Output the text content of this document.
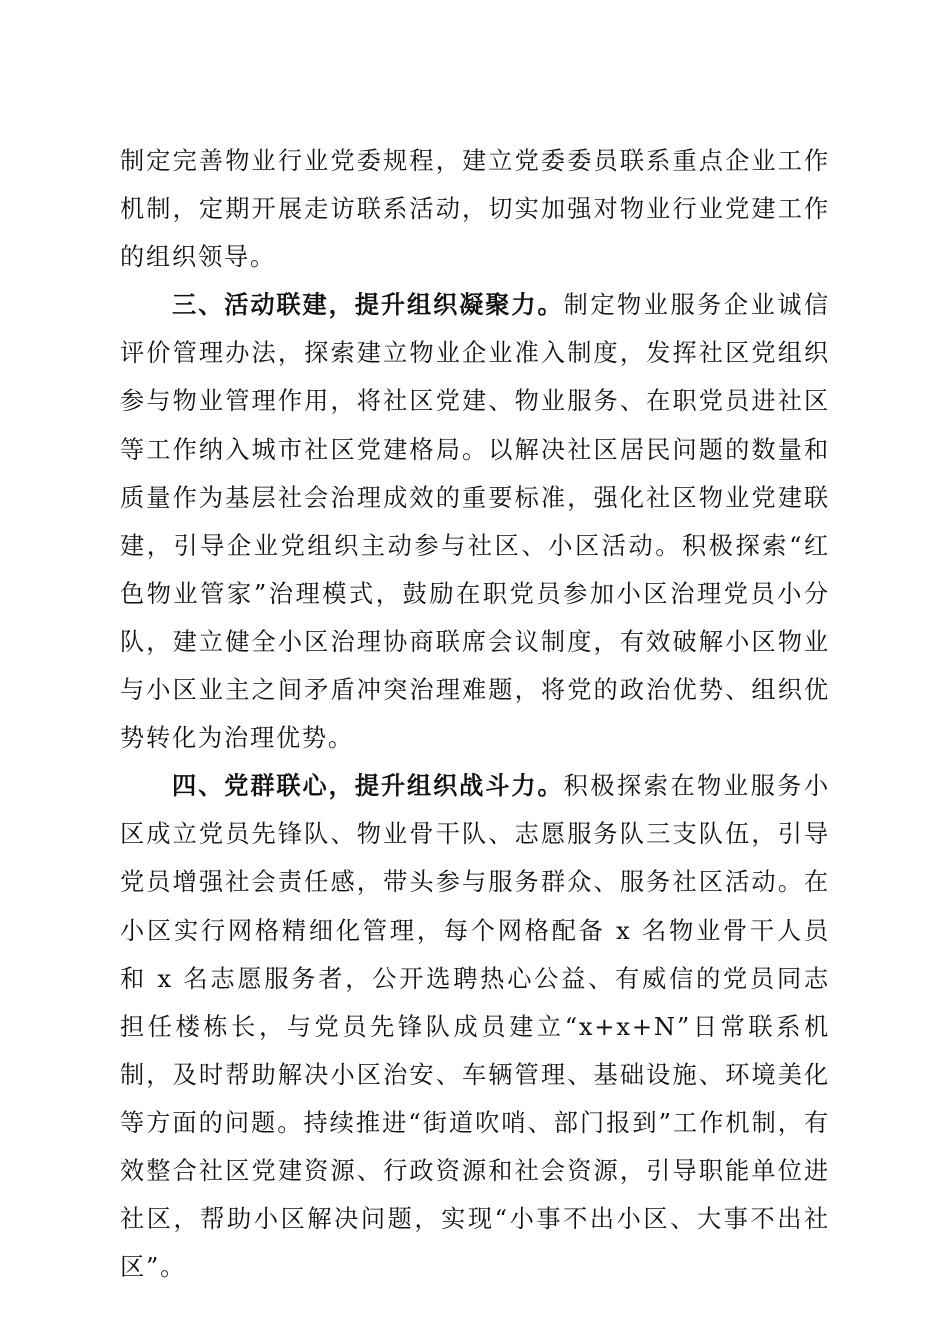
制定完善物业行业党委规程，建立党委委员联系重点企业工作机制，定期开展走访联系活动，切实加强对物业行业党建工作的组织领导。

三、活动联建，提升组织凝聚力。制定物业服务企业诚信评价管理办法，探索建立物业企业准入制度，发挥社区党组织参与物业管理作用，将社区党建、物业服务、在职党员进社区等工作纳入城市社区党建格局。以解决社区居民问题的数量和质量作为基层社会治理成效的重要标准，强化社区物业党建联建，引导企业党组织主动参与社区、小区活动。积极探索“红色物业管家”治理模式，鼓励在职党员参加小区治理党员小分队，建立健全小区治理协商联席会议制度，有效破解小区物业与小区业主之间矛盾冲突治理难题，将党的政治优势、组织优势转化为治理优势。

四、党群联心，提升组织战斗力。积极探索在物业服务小区成立党员先锋队、物业骨干队、志愿服务队三支队伍，引导党员增强社会责任感，带头参与服务群众、服务社区活动。在小区实行网格精细化管理，每个网格配备 x 名物业骨干人员和 x 名志愿服务者，公开选聘热心公益、有威信的党员同志担任楼栋长，与党员先锋队成员建立“x+x+N”日常联系机制，及时帮助解决小区治安、车辆管理、基础设施、环境美化等方面的问题。持续推进“街道吹哨、部门报到”工作机制，有效整合社区党建资源、行政资源和社会资源，引导职能单位进社区，帮助小区解决问题，实现“小事不出小区、大事不出社区”。
